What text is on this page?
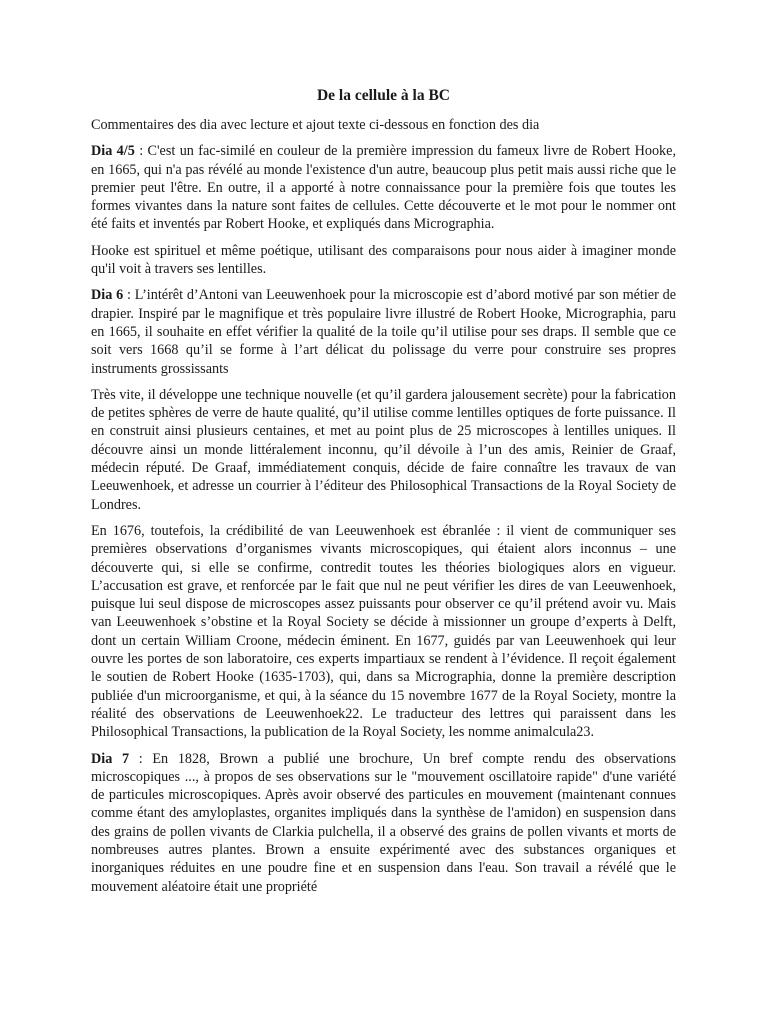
De la cellule à la BC
Commentaires des dia avec lecture et ajout texte ci-dessous en fonction des dia

Dia 4/5 : C'est un fac-similé en couleur de la première impression du fameux livre de Robert Hooke, en 1665, qui n'a pas révélé au monde l'existence d'un autre, beaucoup plus petit mais aussi riche que le premier peut l'être. En outre, il a apporté à notre connaissance pour la première fois que toutes les formes vivantes dans la nature sont faites de cellules. Cette découverte et le mot pour le nommer ont été faits et inventés par Robert Hooke, et expliqués dans Micrographia.

Hooke est spirituel et même poétique, utilisant des comparaisons pour nous aider à imaginer monde qu'il voit à travers ses lentilles.

Dia 6 : L’intérêt d’Antoni van Leeuwenhoek pour la microscopie est d’abord motivé par son métier de drapier. Inspiré par le magnifique et très populaire livre illustré de Robert Hooke, Micrographia, paru en 1665, il souhaite en effet vérifier la qualité de la toile qu’il utilise pour ses draps. Il semble que ce soit vers 1668 qu’il se forme à l’art délicat du polissage du verre pour construire ses propres instruments grossissants

Très vite, il développe une technique nouvelle (et qu’il gardera jalousement secrète) pour la fabrication de petites sphères de verre de haute qualité, qu’il utilise comme lentilles optiques de forte puissance. Il en construit ainsi plusieurs centaines, et met au point plus de 25 microscopes à lentilles uniques. Il découvre ainsi un monde littéralement inconnu, qu’il dévoile à l’un des amis, Reinier de Graaf, médecin réputé. De Graaf, immédiatement conquis, décide de faire connaître les travaux de van Leeuwenhoek, et adresse un courrier à l’éditeur des Philosophical Transactions de la Royal Society de Londres.

En 1676, toutefois, la crédibilité de van Leeuwenhoek est ébranlée : il vient de communiquer ses premières observations d’organismes vivants microscopiques, qui étaient alors inconnus – une découverte qui, si elle se confirme, contredit toutes les théories biologiques alors en vigueur. L’accusation est grave, et renforcée par le fait que nul ne peut vérifier les dires de van Leeuwenhoek, puisque lui seul dispose de microscopes assez puissants pour observer ce qu’il prétend avoir vu. Mais van Leeuwenhoek s’obstine et la Royal Society se décide à missionner un groupe d’experts à Delft, dont un certain William Croone, médecin éminent. En 1677, guidés par van Leeuwenhoek qui leur ouvre les portes de son laboratoire, ces experts impartiaux se rendent à l’évidence. Il reçoit également le soutien de Robert Hooke (1635-1703), qui, dans sa Micrographia, donne la première description publiée d'un microorganisme, et qui, à la séance du 15 novembre 1677 de la Royal Society, montre la réalité des observations de Leeuwenhoek22. Le traducteur des lettres qui paraissent dans les Philosophical Transactions, la publication de la Royal Society, les nomme animalcula23.

Dia 7 : En 1828, Brown a publié une brochure, Un bref compte rendu des observations microscopiques ..., à propos de ses observations sur le "mouvement oscillatoire rapide" d'une variété de particules microscopiques. Après avoir observé des particules en mouvement (maintenant connues comme étant des amyloplastes, organites impliqués dans la synthèse de l'amidon) en suspension dans des grains de pollen vivants de Clarkia pulchella, il a observé des grains de pollen vivants et morts de nombreuses autres plantes. Brown a ensuite expérimenté avec des substances organiques et inorganiques réduites en une poudre fine et en suspension dans l'eau. Son travail a révélé que le mouvement aléatoire était une propriété
